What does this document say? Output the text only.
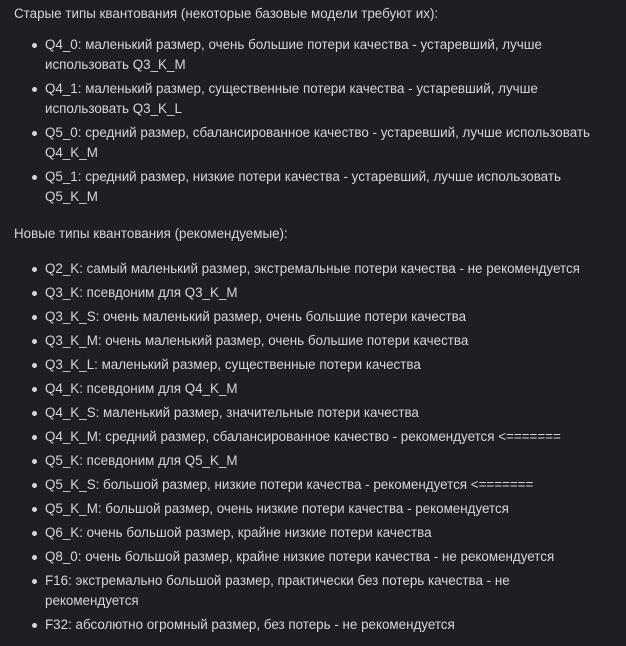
Старые типы квантования (некоторые базовые модели требуют их):

Q4_0: маленький размер, очень большие потери качества - устаревший, лучше использовать Q3_K_M
Q4_1: маленький размер, существенные потери качества - устаревший, лучше использовать Q3_K_L
Q5_0: средний размер, сбалансированное качество - устаревший, лучше использовать Q4_K_M
Q5_1: средний размер, низкие потери качества - устаревший, лучше использовать Q5_K_M

Новые типы квантования (рекомендуемые):

Q2_K: самый маленький размер, экстремальные потери качества - не рекомендуется
Q3_K: псевдоним для Q3_K_M
Q3_K_S: очень маленький размер, очень большие потери качества
Q3_K_M: очень маленький размер, очень большие потери качества
Q3_K_L: маленький размер, существенные потери качества
Q4_K: псевдоним для Q4_K_M
Q4_K_S: маленький размер, значительные потери качества
Q4_K_M: средний размер, сбалансированное качество - рекомендуется <=======
Q5_K: псевдоним для Q5_K_M
Q5_K_S: большой размер, низкие потери качества - рекомендуется <=======
Q5_K_M: большой размер, очень низкие потери качества - рекомендуется
Q6_K: очень большой размер, крайне низкие потери качества
Q8_0: очень большой размер, крайне низкие потери качества - не рекомендуется
F16: экстремально большой размер, практически без потерь качества - не рекомендуется
F32: абсолютно огромный размер, без потерь - не рекомендуется
